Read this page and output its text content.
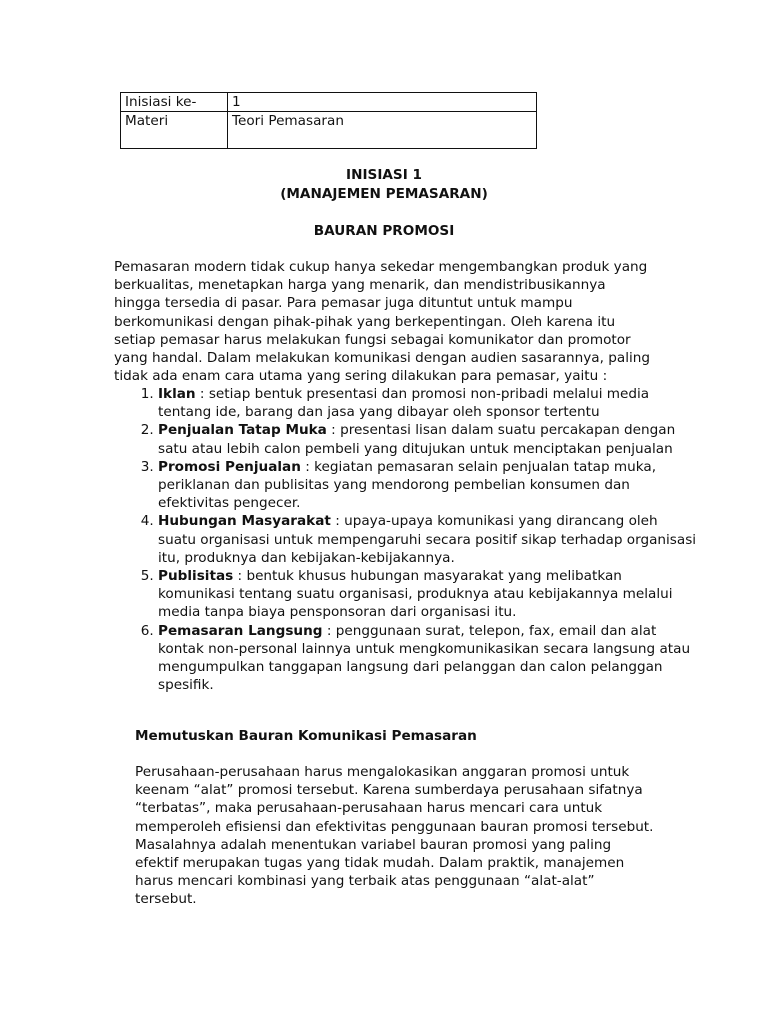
Inisiasi ke-	1
Materi	Teori Pemasaran
INISIASI 1
(MANAJEMEN PEMASARAN)
BAURAN PROMOSI
Pemasaran modern tidak cukup hanya sekedar mengembangkan produk yang berkualitas, menetapkan harga yang menarik, dan mendistribusikannya hingga tersedia di pasar. Para pemasar juga dituntut untuk mampu berkomunikasi dengan pihak-pihak yang berkepentingan. Oleh karena itu setiap pemasar harus melakukan fungsi sebagai komunikator dan promotor yang handal. Dalam melakukan komunikasi dengan audien sasarannya, paling tidak ada enam cara utama yang sering dilakukan para pemasar, yaitu :
1. Iklan : setiap bentuk presentasi dan promosi non-pribadi melalui media tentang ide, barang dan jasa yang dibayar oleh sponsor tertentu
2. Penjualan Tatap Muka : presentasi lisan dalam suatu percakapan dengan satu atau lebih calon pembeli yang ditujukan untuk menciptakan penjualan
3. Promosi Penjualan : kegiatan pemasaran selain penjualan tatap muka, periklanan dan publisitas yang mendorong pembelian konsumen dan efektivitas pengecer.
4. Hubungan Masyarakat : upaya-upaya komunikasi yang dirancang oleh suatu organisasi untuk mempengaruhi secara positif sikap terhadap organisasi itu, produknya dan kebijakan-kebijakannya.
5. Publisitas : bentuk khusus hubungan masyarakat yang melibatkan komunikasi tentang suatu organisasi, produknya atau kebijakannya melalui media tanpa biaya pensponsoran dari organisasi itu.
6. Pemasaran Langsung : penggunaan surat, telepon, fax, email dan alat kontak non-personal lainnya untuk mengkomunikasikan secara langsung atau mengumpulkan tanggapan langsung dari pelanggan dan calon pelanggan spesifik.
Memutuskan Bauran Komunikasi Pemasaran
Perusahaan-perusahaan harus mengalokasikan anggaran promosi untuk keenam “alat” promosi tersebut. Karena sumberdaya perusahaan sifatnya “terbatas”, maka perusahaan-perusahaan harus mencari cara untuk memperoleh efisiensi dan efektivitas penggunaan bauran promosi tersebut. Masalahnya adalah menentukan variabel bauran promosi yang paling efektif merupakan tugas yang tidak mudah. Dalam praktik, manajemen harus mencari kombinasi yang terbaik atas penggunaan “alat-alat” tersebut.
